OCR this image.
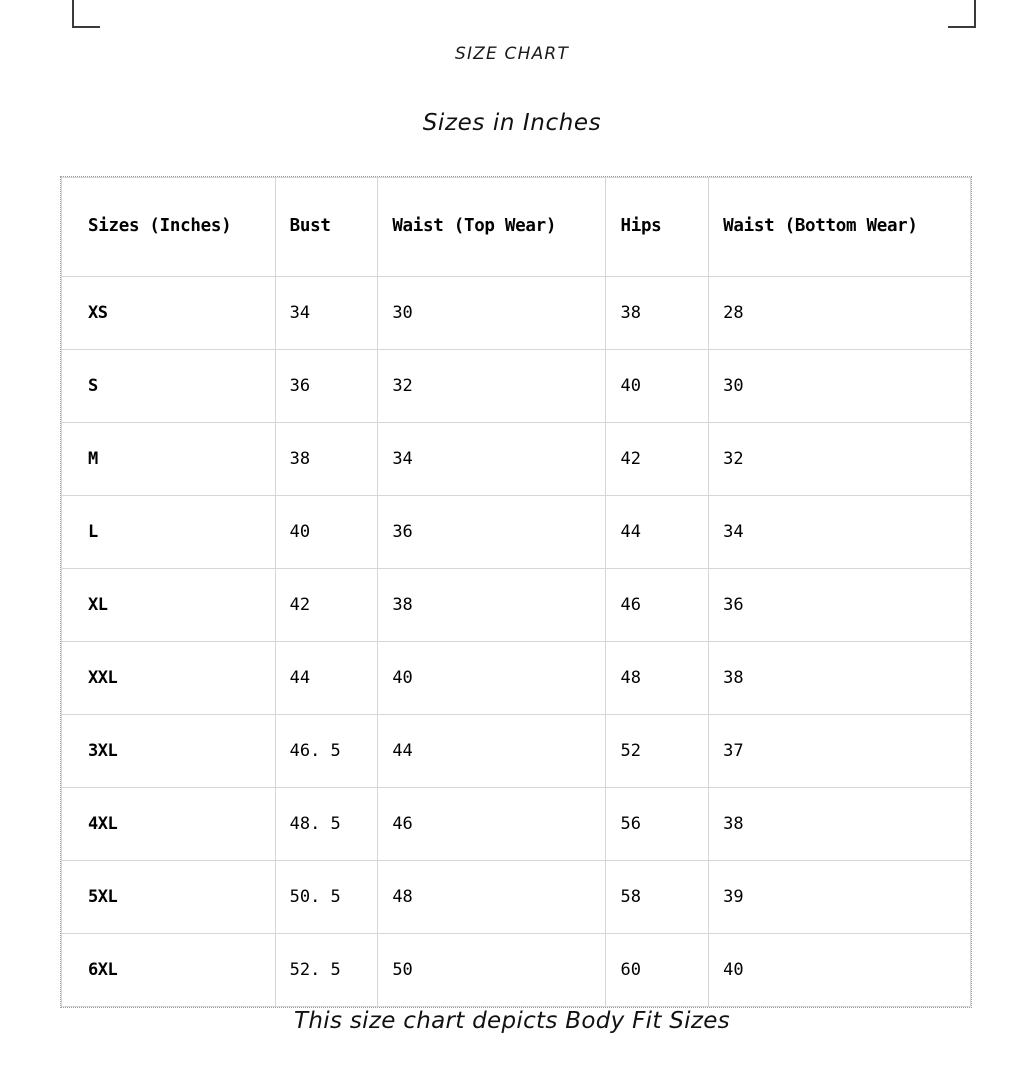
SIZE CHART
Sizes in Inches
Sizes (Inches)	Bust	Waist (Top Wear)	Hips	Waist (Bottom Wear)
XS	34	30	38	28
S	36	32	40	30
M	38	34	42	32
L	40	36	44	34
XL	42	38	46	36
XXL	44	40	48	38
3XL	46. 5	44	52	37
4XL	48. 5	46	56	38
5XL	50. 5	48	58	39
6XL	52. 5	50	60	40
This size chart depicts Body Fit Sizes
